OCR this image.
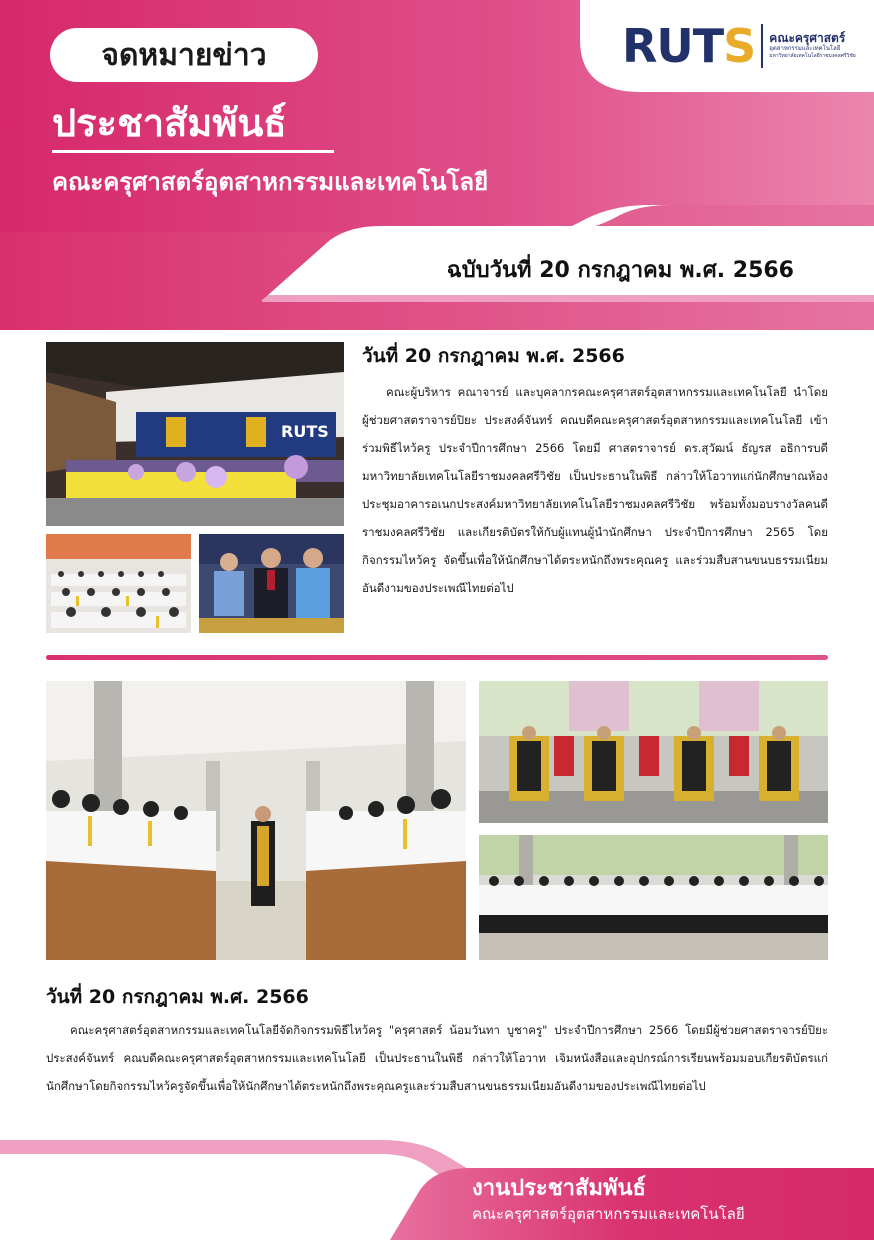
จดหมายข่าว
ประชาสัมพันธ์
คณะครุศาสตร์อุตสาหกรรมและเทคโนโลยี
ฉบับวันที่ 20 กรกฎาคม พ.ศ. 2566
RUTS คณะครุศาสตร์
อุตสาหกรรมและเทคโนโลยี
มหาวิทยาลัยเทคโนโลยีราชมงคลศรีวิชัย
RUTS
วันที่ 20 กรกฎาคม พ.ศ. 2566
คณะผู้บริหาร คณาจารย์ และบุคลากรคณะครุศาสตร์อุตสาหกรรมและเทคโนโลยี นำโดย ผู้ช่วยศาสตราจารย์ปิยะ ประสงค์จันทร์ คณบดีคณะครุศาสตร์อุตสาหกรรมและเทคโนโลยี เข้าร่วมพิธีไหว้ครู ประจำปีการศึกษา 2566 โดยมี ศาสตราจารย์ ดร.สุวัฒน์ ธัญรส อธิการบดีมหาวิทยาลัยเทคโนโลยีราชมงคลศรีวิชัย เป็นประธานในพิธี กล่าวให้โอวาทแก่นักศึกษาณห้องประชุมอาคารอเนกประสงค์มหาวิทยาลัยเทคโนโลยีราชมงคลศรีวิชัย พร้อมทั้งมอบรางวัลคนดีราชมงคลศรีวิชัย และเกียรติบัตรให้กับผู้แทนผู้นำนักศึกษา ประจำปีการศึกษา 2565 โดยกิจกรรมไหว้ครู จัดขึ้นเพื่อให้นักศึกษาได้ตระหนักถึงพระคุณครู และร่วมสืบสานขนบธรรมเนียมอันดีงามของประเพณีไทยต่อไป
วันที่ 20 กรกฎาคม พ.ศ. 2566
คณะครุศาสตร์อุตสาหกรรมและเทคโนโลยีจัดกิจกรรมพิธีไหว้ครู "ครุศาสตร์ น้อมวันทา บูชาครู" ประจำปีการศึกษา 2566 โดยมีผู้ช่วยศาสตราจารย์ปิยะ ประสงค์จันทร์ คณบดีคณะครุศาสตร์อุตสาหกรรมและเทคโนโลยี เป็นประธานในพิธี กล่าวให้โอวาท เจิมหนังสือและอุปกรณ์การเรียนพร้อมมอบเกียรติบัตรแก่นักศึกษาโดยกิจกรรมไหว้ครูจัดขึ้นเพื่อให้นักศึกษาได้ตระหนักถึงพระคุณครูและร่วมสืบสานขนธรรมเนียมอันดีงามของประเพณีไทยต่อไป
งานประชาสัมพันธ์
คณะครุศาสตร์อุตสาหกรรมและเทคโนโลยี
